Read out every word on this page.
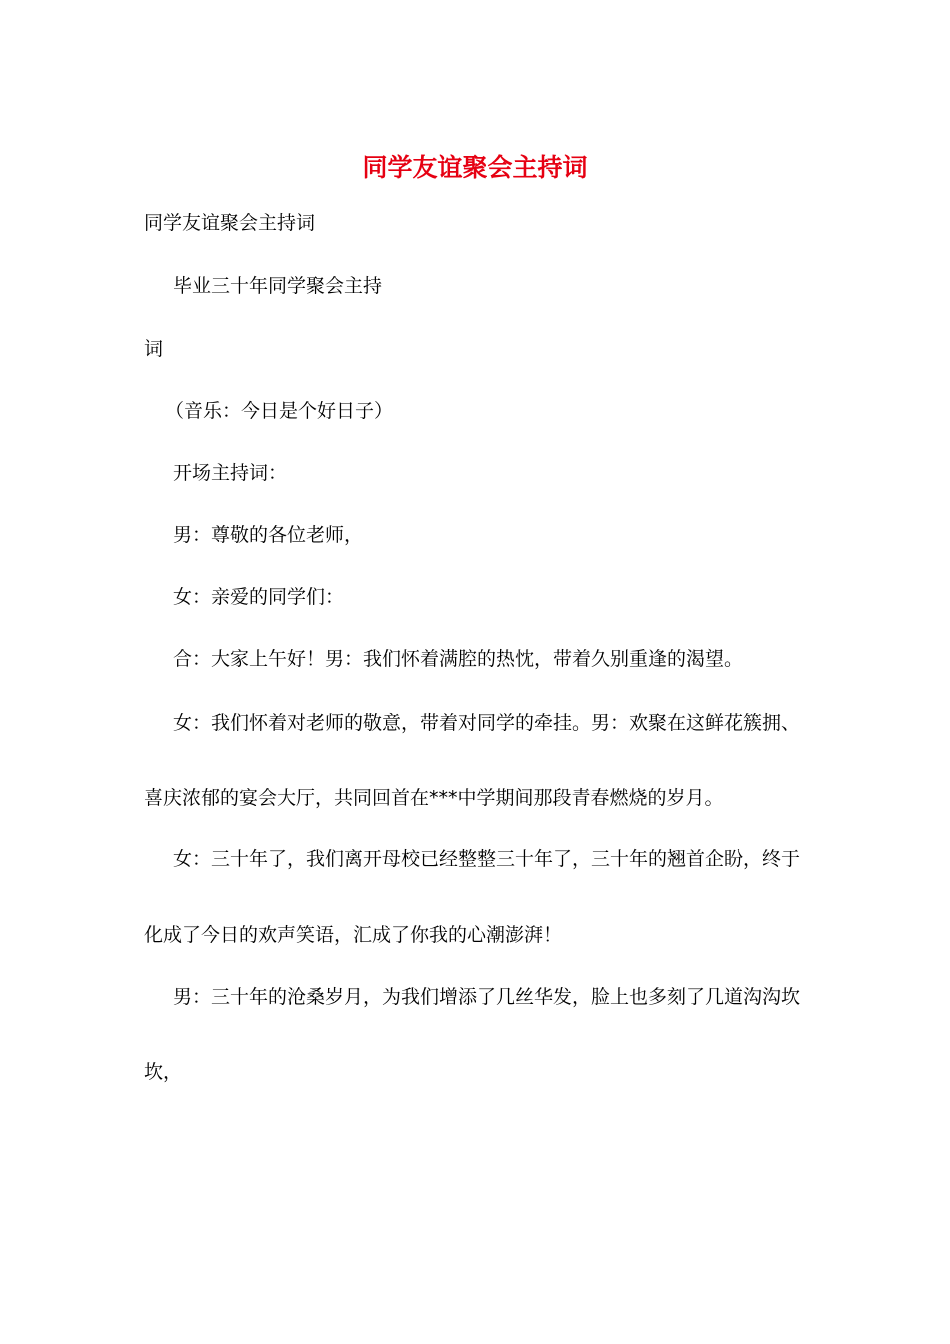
同学友谊聚会主持词
同学友谊聚会主持词
毕业三十年同学聚会主持
词
（音乐：今日是个好日子）
开场主持词：
男：尊敬的各位老师，
女：亲爱的同学们：
合：大家上午好！男：我们怀着满腔的热忱，带着久别重逢的渴望。
女：我们怀着对老师的敬意，带着对同学的牵挂。男：欢聚在这鲜花簇拥、
喜庆浓郁的宴会大厅，共同回首在***中学期间那段青春燃烧的岁月。
女：三十年了，我们离开母校已经整整三十年了，三十年的翘首企盼，终于
化成了今日的欢声笑语，汇成了你我的心潮澎湃！
男：三十年的沧桑岁月，为我们增添了几丝华发，脸上也多刻了几道沟沟坎
坎，
